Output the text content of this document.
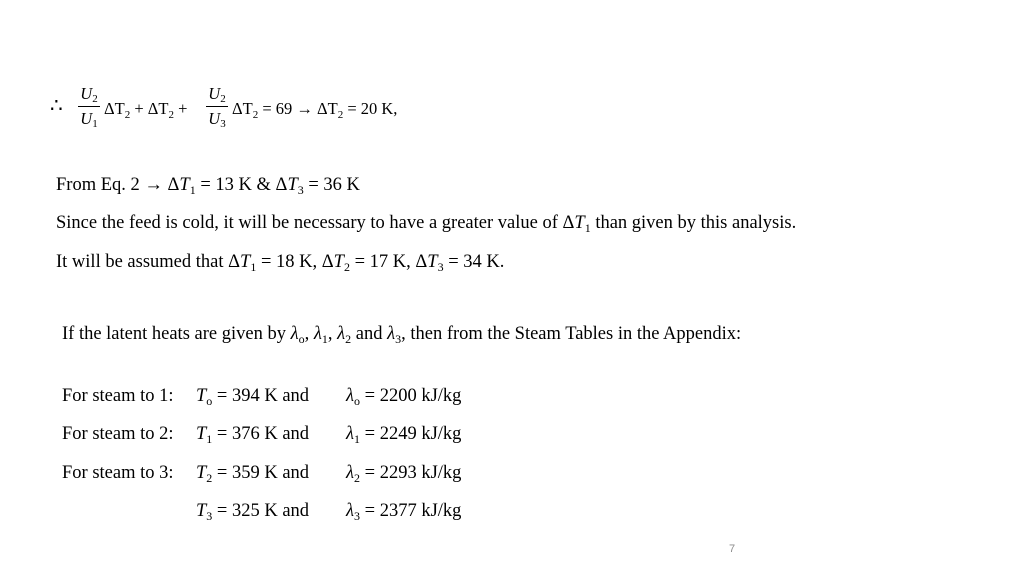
∴
$U_2$
$U_1$
$\Delta T_2 + \Delta T_2$ +
$U_2$
$U_3$
$\Delta T_2 = 69 \to \Delta T_2 = 20$ K,
From Eq. $2 \to \Delta T_1 = 13$ K & $\Delta T_3 = 36$ K
Since the feed is cold, it will be necessary to have a greater value of $\Delta T_1$ than given by this analysis.
It will be assumed that $\Delta T_1 = 18$ K, $\Delta T_2 = 17$ K, $\Delta T_3 = 34$ K.
If the latent heats are given by $\lambda_o$, $\lambda_1$, $\lambda_2$ and $\lambda_3$, then from the Steam Tables in the Appendix:
For steam to 1: $T_o = 394$ K and $\lambda_o = 2200$ kJ/kg
For steam to 2: $T_1 = 376$ K and $\lambda_1 = 2249$ kJ/kg
For steam to 3: $T_2 = 359$ K and $\lambda_2 = 2293$ kJ/kg
$T_3 = 325$ K and $\lambda_3 = 2377$ kJ/kg
7
